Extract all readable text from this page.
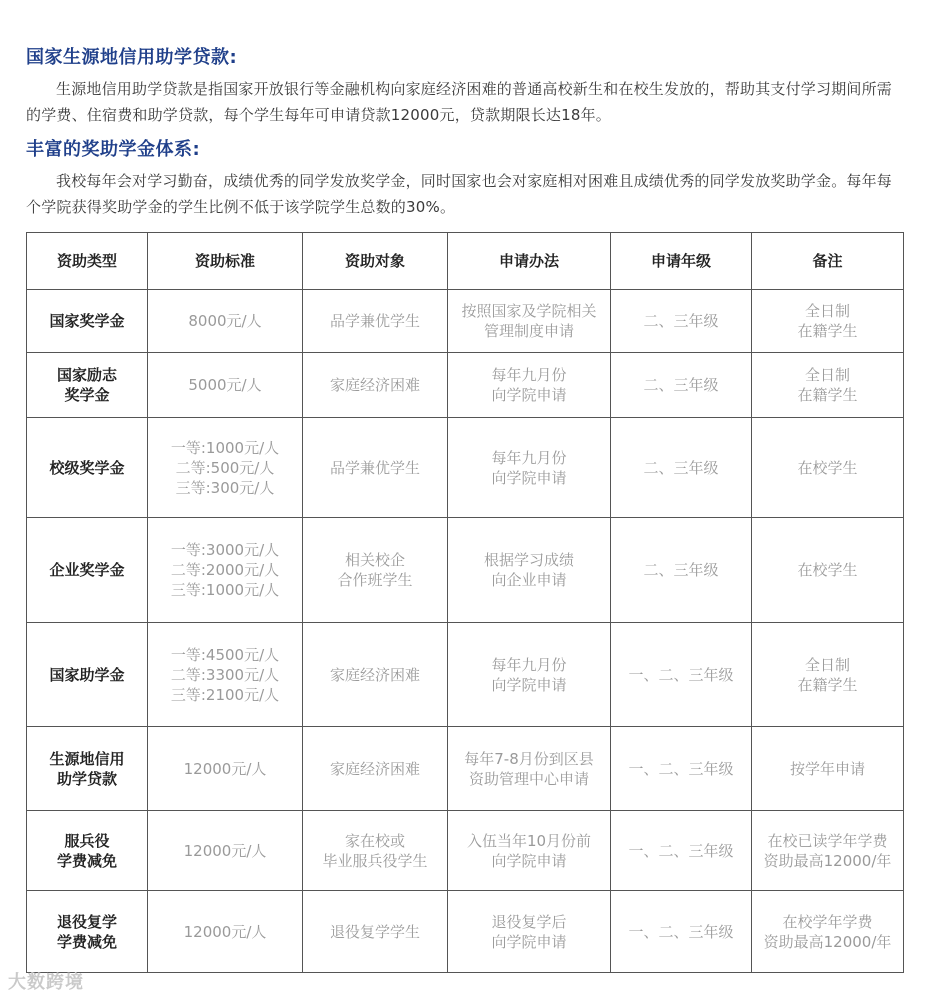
国家生源地信用助学贷款:

生源地信用助学贷款是指国家开放银行等金融机构向家庭经济困难的普通高校新生和在校生发放的，帮助其支付学习期间所需的学费、住宿费和助学贷款，每个学生每年可申请贷款12000元，贷款期限长达18年。

丰富的奖助学金体系:

我校每年会对学习勤奋，成绩优秀的同学发放奖学金，同时国家也会对家庭相对困难且成绩优秀的同学发放奖助学金。每年每个学院获得奖助学金的学生比例不低于该学院学生总数的30%。

资助类型	资助标准	资助对象	申请办法	申请年级	备注

国家奖学金	8000元/人	品学兼优学生	按照国家及学院相关
管理制度申请	二、三年级	全日制
在籍学生

国家励志
奖学金	5000元/人	家庭经济困难	每年九月份
向学院申请	二、三年级	全日制
在籍学生

校级奖学金	一等:1000元/人
二等:500元/人
三等:300元/人	品学兼优学生	每年九月份
向学院申请	二、三年级	在校学生

企业奖学金	一等:3000元/人
二等:2000元/人
三等:1000元/人	相关校企
合作班学生	根据学习成绩
向企业申请	二、三年级	在校学生

国家助学金	一等:4500元/人
二等:3300元/人
三等:2100元/人	家庭经济困难	每年九月份
向学院申请	一、二、三年级	全日制
在籍学生

生源地信用
助学贷款	12000元/人	家庭经济困难	每年7-8月份到区县
资助管理中心申请	一、二、三年级	按学年申请

服兵役
学费减免	12000元/人	家在校或
毕业服兵役学生	入伍当年10月份前
向学院申请	一、二、三年级	在校已读学年学费
资助最高12000/年

退役复学
学费减免	12000元/人	退役复学学生	退役复学后
向学院申请	一、二、三年级	在校学年学费
资助最高12000/年
大数跨境
